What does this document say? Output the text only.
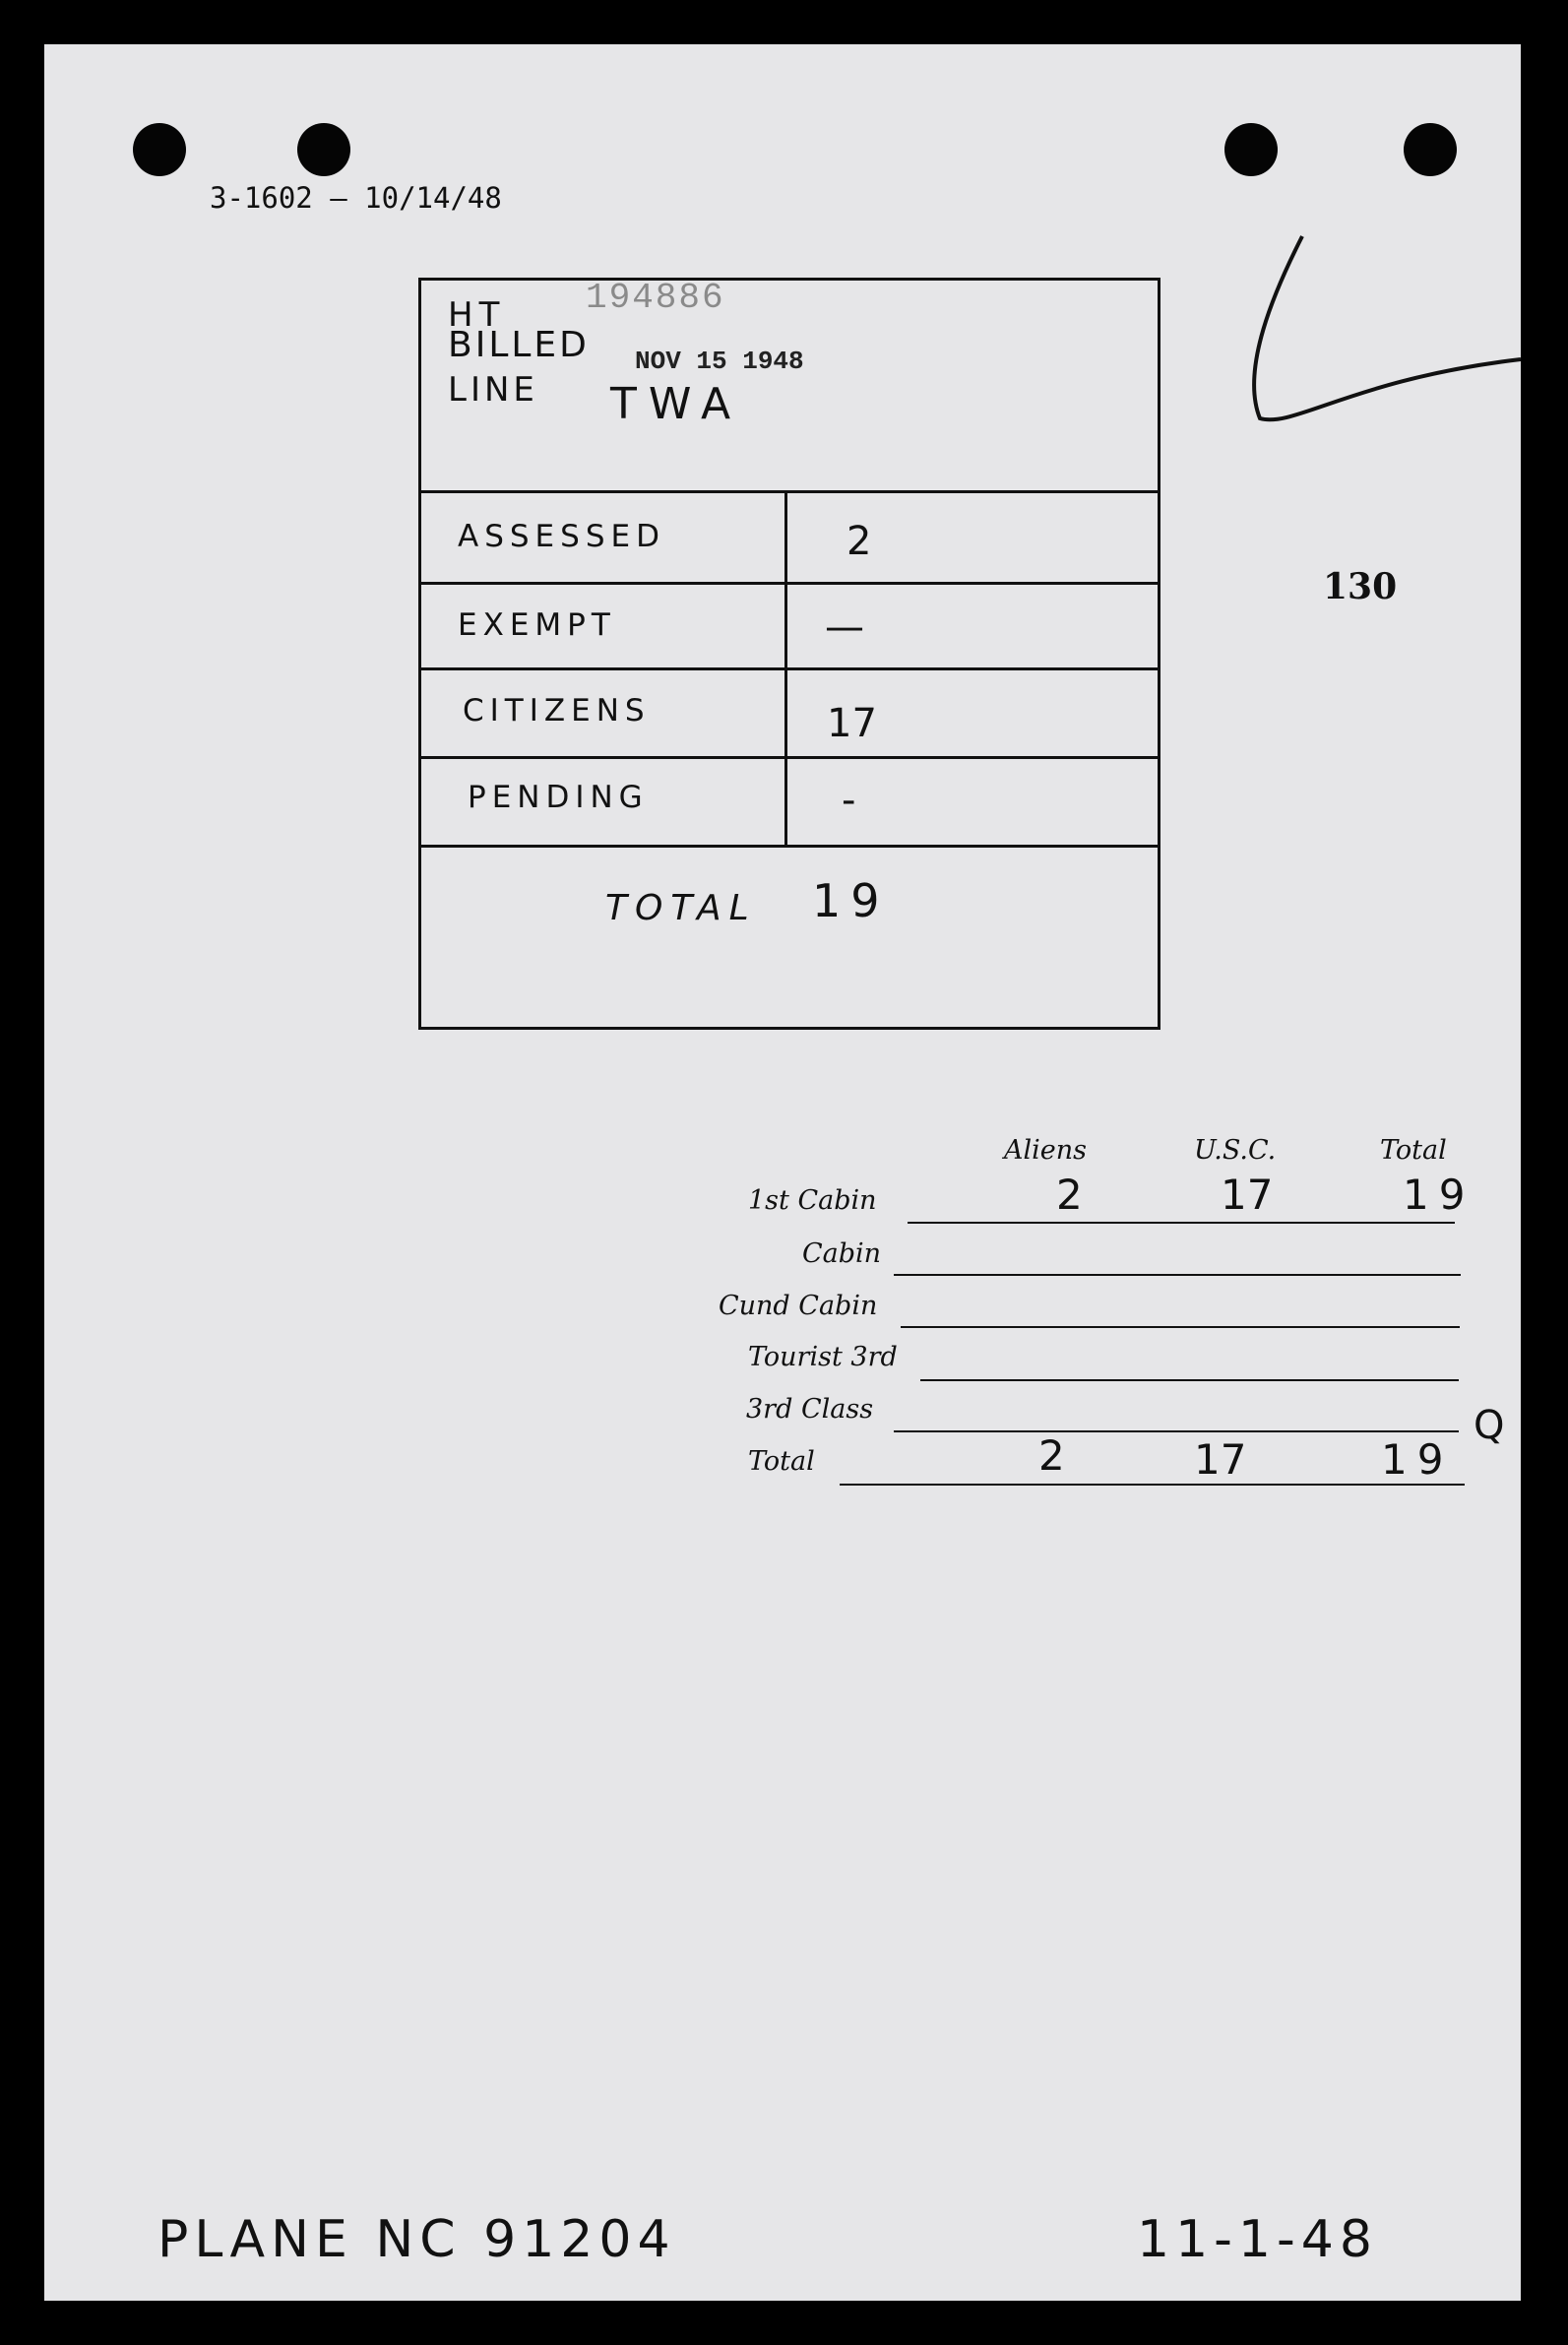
3-1602 — 10/14/48
194886
NOV 15 1948
HT
BILLED
LINE TWA
ASSESSED	2
EXEMPT	—
CITIZENS	17
PENDING	-
TOTAL 19
130
Aliens	U.S.C.	Total
1st Cabin	2	17	19
Cabin
Cund Cabin
Tourist 3rd
3rd Class	Q
Total	2	17	19
PLANE NC 91204	11-1-48
